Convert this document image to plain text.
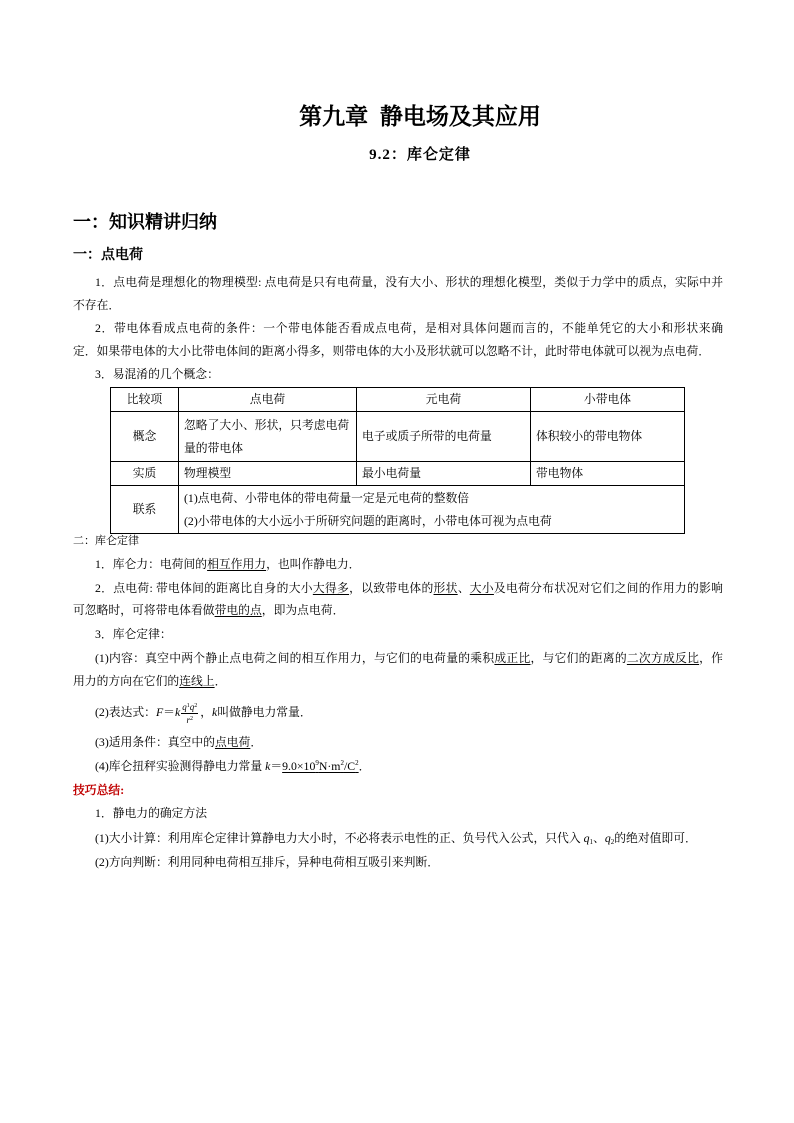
第九章 静电场及其应用
9.2：库仑定律
一：知识精讲归纳
一：点电荷
1．点电荷是理想化的物理模型: 点电荷是只有电荷量，没有大小、形状的理想化模型，类似于力学中的质点，实际中并
不存在．
2．带电体看成点电荷的条件：一个带电体能否看成点电荷，是相对具体问题而言的，不能单凭它的大小和形状来确
定．如果带电体的大小比带电体间的距离小得多，则带电体的大小及形状就可以忽略不计，此时带电体就可以视为点电荷．
3．易混淆的几个概念：
比较项	点电荷	元电荷	小带电体
概念	忽略了大小、形状，只考虑电荷
量的带电体	电子或质子所带的电荷量	体积较小的带电物体
实质	物理模型	最小电荷量	带电物体
联系	(1)点电荷、小带电体的带电荷量一定是元电荷的整数倍
(2)小带电体的大小远小于所研究问题的距离时，小带电体可视为点电荷		
二：库仑定律
1．库仑力：电荷间的相互作用力，也叫作静电力．
2．点电荷: 带电体间的距离比自身的大小大得多，以致带电体的形状、大小及电荷分布状况对它们之间的作用力的影响
可忽略时，可将带电体看做带电的点，即为点电荷．
3．库仑定律：
(1)内容：真空中两个静止点电荷之间的相互作用力，与它们的电荷量的乘积成正比，与它们的距离的二次方成反比，作
用力的方向在它们的连线上．
(2)表达式：$F=k \frac{q^1q^2}{r^2}$ ，k叫做静电力常量．
(3)适用条件：真空中的点电荷．
(4)库仑扭秤实验测得静电力常量 $k=9.0\times 10^9N\cdot m^2/C^2$．
技巧总结:
1．静电力的确定方法
(1)大小计算：利用库仑定律计算静电力大小时，不必将表示电性的正、负号代入公式，只代入 $q_1$、$q_2$的绝对值即可．
(2)方向判断：利用同种电荷相互排斥，异种电荷相互吸引来判断．
